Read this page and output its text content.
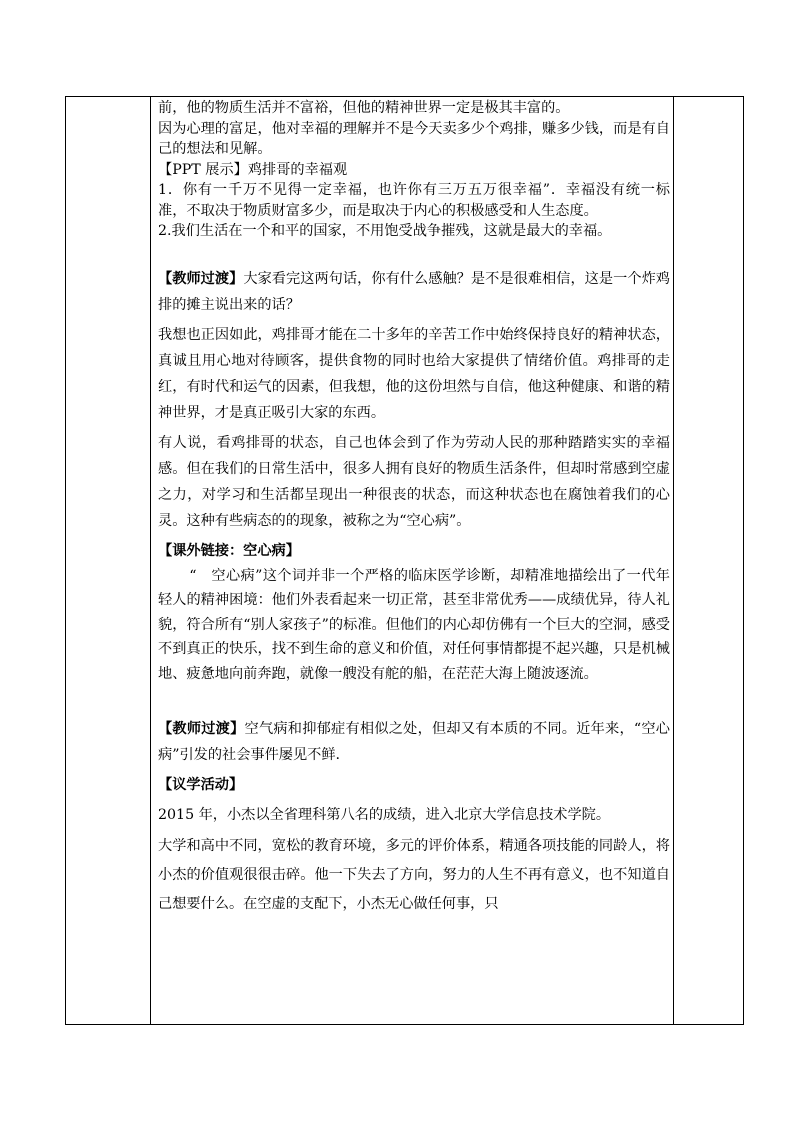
前，他的物质生活并不富裕，但他的精神世界一定是极其丰富的。

因为心理的富足，他对幸福的理解并不是今天卖多少个鸡排，赚多少钱，而是有自己的想法和见解。

【PPT 展示】鸡排哥的幸福观

1．你有一千万不见得一定幸福，也许你有三万五万很幸福”．幸福没有统一标准，不取决于物质财富多少，而是取决于内心的积极感受和人生态度。

2.我们生活在一个和平的国家，不用饱受战争摧残，这就是最大的幸福。

【教师过渡】大家看完这两句话，你有什么感触？是不是很难相信，这是一个炸鸡排的摊主说出来的话？

我想也正因如此，鸡排哥才能在二十多年的辛苦工作中始终保持良好的精神状态，真诚且用心地对待顾客，提供食物的同时也给大家提供了情绪价值。鸡排哥的走红，有时代和运气的因素，但我想，他的这份坦然与自信，他这种健康、和谐的精神世界，才是真正吸引大家的东西。

有人说，看鸡排哥的状态，自己也体会到了作为劳动人民的那种踏踏实实的幸福感。但在我们的日常生活中，很多人拥有良好的物质生活条件，但却时常感到空虚之力，对学习和生活都呈现出一种很丧的状态，而这种状态也在腐蚀着我们的心灵。这种有些病态的的现象，被称之为“空心病”。

【课外链接：空心病】

“　空心病”这个词并非一个严格的临床医学诊断，却精准地描绘出了一代年轻人的精神困境：他们外表看起来一切正常，甚至非常优秀——成绩优异，待人礼貌，符合所有“别人家孩子”的标准。但他们的内心却仿佛有一个巨大的空洞，感受不到真正的快乐，找不到生命的意义和价值，对任何事情都提不起兴趣，只是机械地、疲惫地向前奔跑，就像一艘没有舵的船，在茫茫大海上随波逐流。

【教师过渡】空气病和抑郁症有相似之处，但却又有本质的不同。近年来，“空心病”引发的社会事件屡见不鲜.

【议学活动】

2015 年，小杰以全省理科第八名的成绩，进入北京大学信息技术学院。

大学和高中不同，宽松的教育环境，多元的评价体系，精通各项技能的同龄人，将小杰的价值观很很击碎。他一下失去了方向，努力的人生不再有意义，也不知道自己想要什么。在空虚的支配下，小杰无心做任何事，只
